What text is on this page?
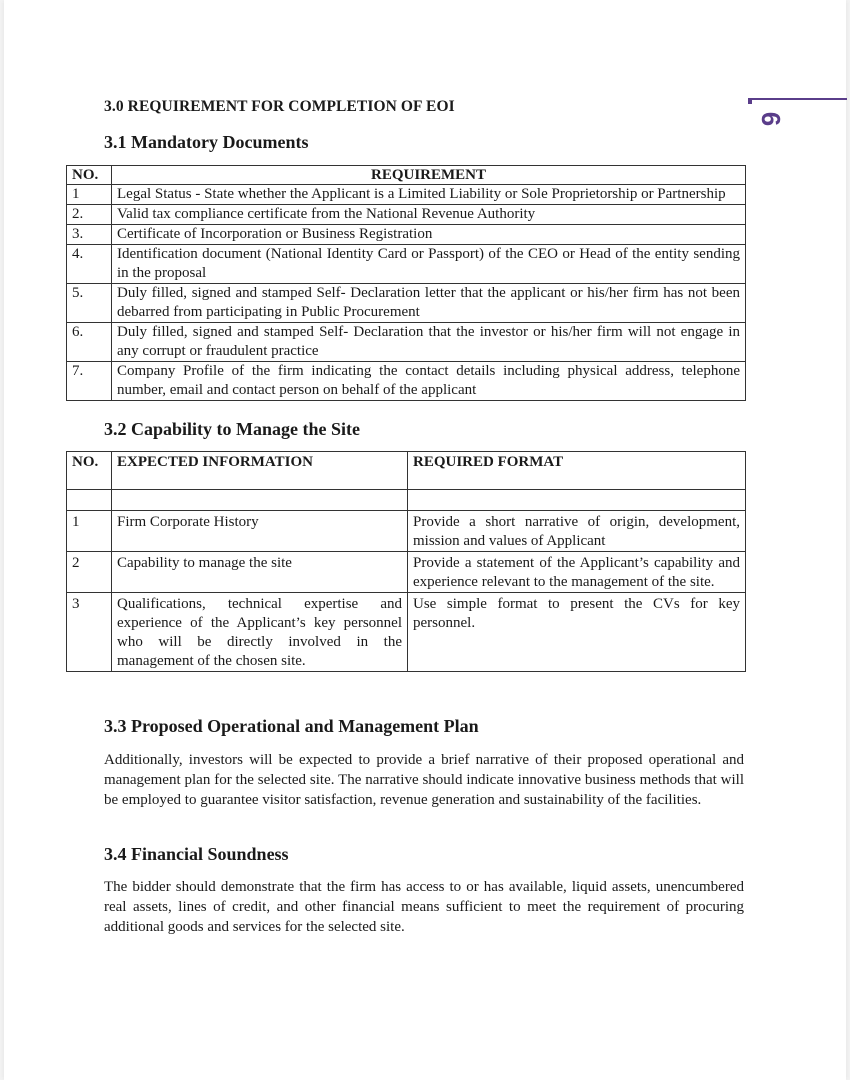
6
3.0 REQUIREMENT FOR COMPLETION OF EOI
3.1 Mandatory Documents
NO.	REQUIREMENT
1	Legal Status - State whether the Applicant is a Limited Liability or Sole Proprietorship or Partnership
2.	Valid tax compliance certificate from the National Revenue Authority
3.	Certificate of Incorporation or Business Registration
4.	Identification document (National Identity Card or Passport) of the CEO or Head of the entity sending in the proposal
5.	Duly filled, signed and stamped Self- Declaration letter that the applicant or his/her firm has not been debarred from participating in Public Procurement
6.	Duly filled, signed and stamped Self- Declaration that the investor or his/her firm will not engage in any corrupt or fraudulent practice
7.	Company Profile of the firm indicating the contact details including physical address, telephone number, email and contact person on behalf of the applicant
3.2 Capability to Manage the Site
NO.	EXPECTED INFORMATION	REQUIRED FORMAT

1	Firm Corporate History	Provide a short narrative of origin, development, mission and values of Applicant
2	Capability to manage the site	Provide a statement of the Applicant’s capability and experience relevant to the management of the site.
3	Qualifications, technical expertise and experience of the Applicant’s key personnel who will be directly involved in the management of the chosen site.	Use simple format to present the CVs for key personnel.
3.3 Proposed Operational and Management Plan
Additionally, investors will be expected to provide a brief narrative of their proposed operational and management plan for the selected site. The narrative should indicate innovative business methods that will be employed to guarantee visitor satisfaction, revenue generation and sustainability of the facilities.
3.4 Financial Soundness
The bidder should demonstrate that the firm has access to or has available, liquid assets, unencumbered real assets, lines of credit, and other financial means sufficient to meet the requirement of procuring additional goods and services for the selected site.
